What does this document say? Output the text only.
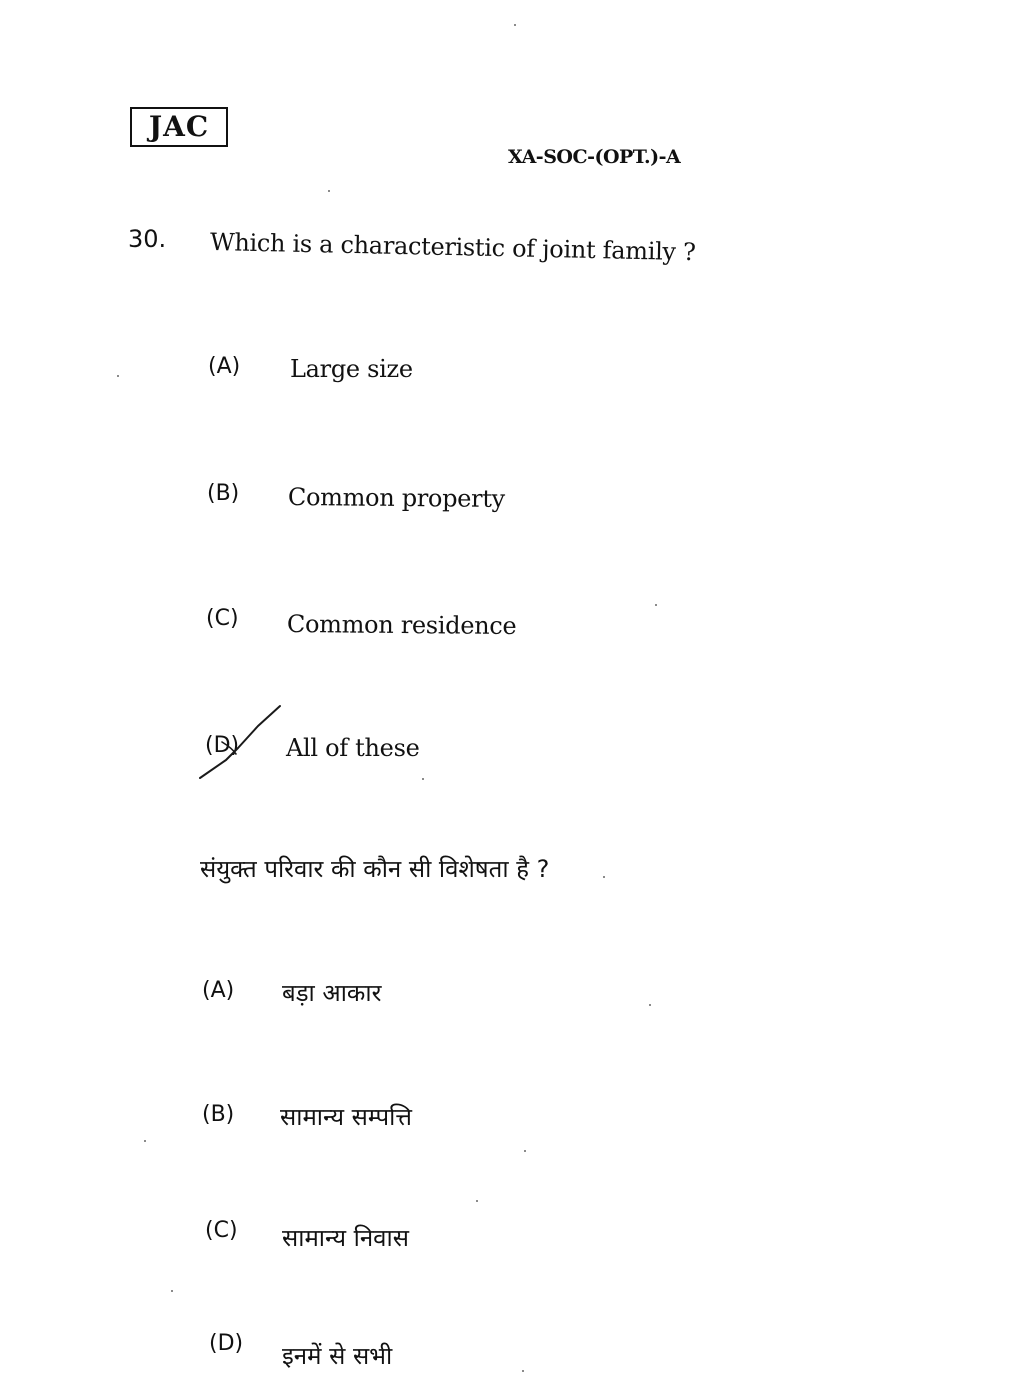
JAC
XA-SOC-(OPT.)-A
30. Which is a characteristic of joint family ?
(A) Large size
(B) Common property
(C) Common residence
(D) All of these
संयुक्त परिवार की कौन सी विशेषता है ?
(A) बड़ा आकार
(B) सामान्य सम्पत्ति
(C) सामान्य निवास
(D) इनमें से सभी
